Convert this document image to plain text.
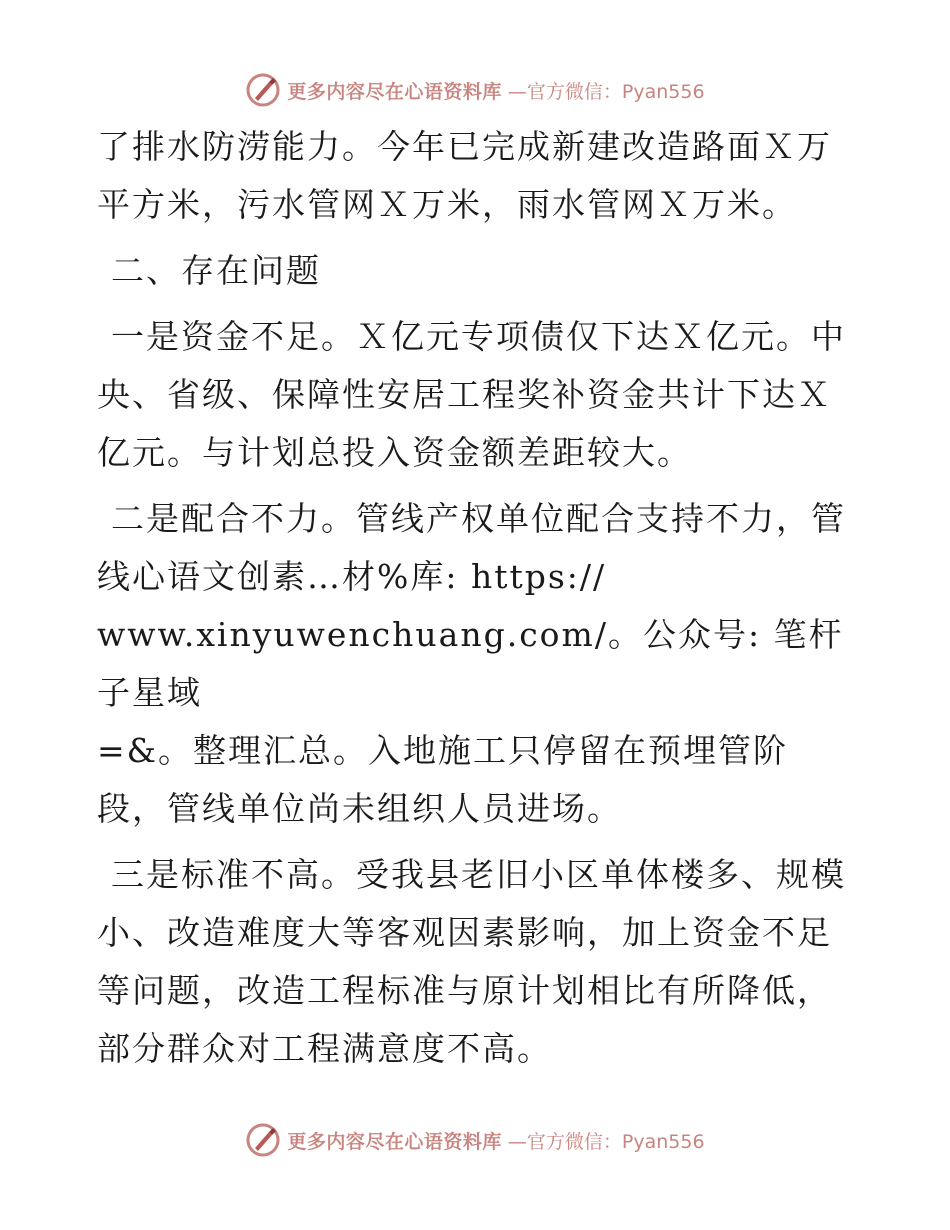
更多内容尽在心语资料库 —官方微信：Pyan556

了排水防涝能力。今年已完成新建改造路面Ｘ万平方米，污水管网Ｘ万米，雨水管网Ｘ万米。

二、存在问题

一是资金不足。Ｘ亿元专项债仅下达Ｘ亿元。中央、省级、保障性安居工程奖补资金共计下达Ｘ亿元。与计划总投入资金额差距较大。

二是配合不力。管线产权单位配合支持不力，管线心语文创素…材%库: https://
www.xinyuwenchuang.com/。公众号: 笔杆子星域
=&。整理汇总。入地施工只停留在预埋管阶段，管线单位尚未组织人员进场。

三是标准不高。受我县老旧小区单体楼多、规模小、改造难度大等客观因素影响，加上资金不足等问题，改造工程标准与原计划相比有所降低，部分群众对工程满意度不高。

更多内容尽在心语资料库 —官方微信：Pyan556
